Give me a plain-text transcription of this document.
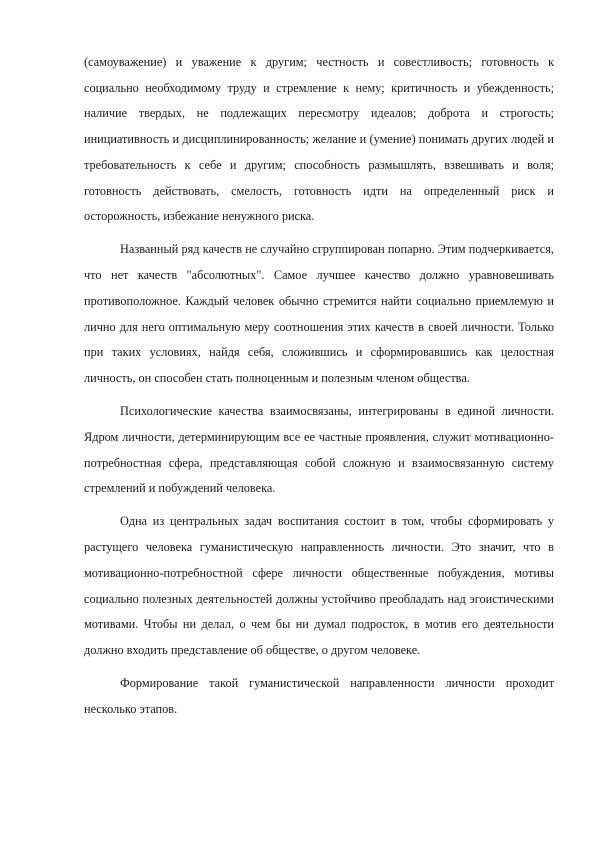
(самоуважение) и уважение к другим; честность и совестливость; готовность к социально необходимому труду и стремление к нему; критичность и убежденность; наличие твердых, не подлежащих пересмотру идеалов; доброта и строгость; инициативность и дисциплинированность; желание и (умение) понимать других людей и требовательность к себе и другим; способность размышлять, взвешивать и воля; готовность действовать, смелость, готовность идти на определенный риск и осторожность, избежание ненужного риска.

Названный ряд качеств не случайно сгруппирован попарно. Этим подчеркивается, что нет качеств "абсолютных". Самое лучшее качество должно уравновешивать противоположное. Каждый человек обычно стремится найти социально приемлемую и лично для него оптимальную меру соотношения этих качеств в своей личности. Только при таких условиях, найдя себя, сложившись и сформировавшись как целостная личность, он способен стать полноценным и полезным членом общества.

Психологические качества взаимосвязаны, интегрированы в единой личности. Ядром личности, детерминирующим все ее частные проявления, служит мотивационно-потребностная сфера, представляющая собой сложную и взаимосвязанную систему стремлений и побуждений человека.

Одна из центральных задач воспитания состоит в том, чтобы сформировать у растущего человека гуманистическую направленность личности. Это значит, что в мотивационно-потребностной сфере личности общественные побуждения, мотивы социально полезных деятельностей должны устойчиво преобладать над эгоистическими мотивами. Чтобы ни делал, о чем бы ни думал подросток, в мотив его деятельности должно входить представление об обществе, о другом человеке.

Формирование такой гуманистической направленности личности проходит несколько этапов.
